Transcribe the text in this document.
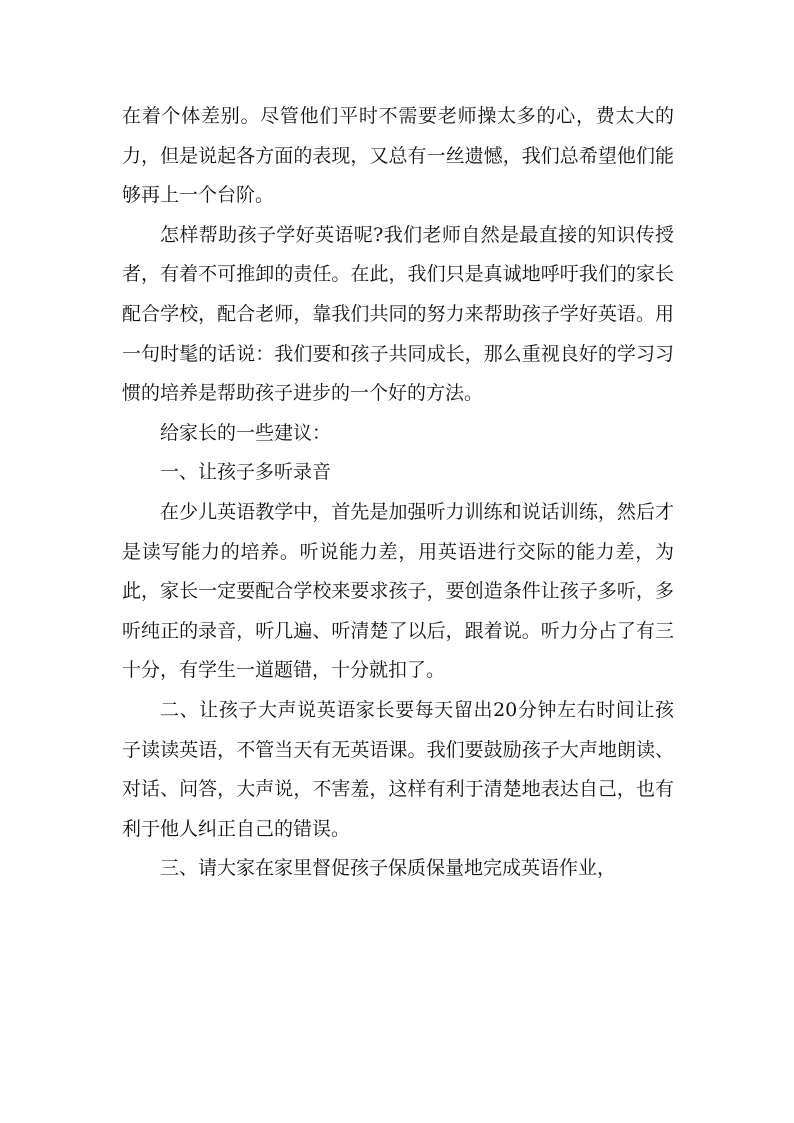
在着个体差别。尽管他们平时不需要老师操太多的心，费太大的力，但是说起各方面的表现，又总有一丝遗憾，我们总希望他们能够再上一个台阶。

怎样帮助孩子学好英语呢?我们老师自然是最直接的知识传授者，有着不可推卸的责任。在此，我们只是真诚地呼吁我们的家长配合学校，配合老师，靠我们共同的努力来帮助孩子学好英语。用一句时髦的话说：我们要和孩子共同成长，那么重视良好的学习习惯的培养是帮助孩子进步的一个好的方法。

给家长的一些建议：

一、让孩子多听录音

在少儿英语教学中，首先是加强听力训练和说话训练，然后才是读写能力的培养。听说能力差，用英语进行交际的能力差，为此，家长一定要配合学校来要求孩子，要创造条件让孩子多听，多听纯正的录音，听几遍、听清楚了以后，跟着说。听力分占了有三十分，有学生一道题错，十分就扣了。

二、让孩子大声说英语家长要每天留出20分钟左右时间让孩子读读英语，不管当天有无英语课。我们要鼓励孩子大声地朗读、对话、问答，大声说，不害羞，这样有利于清楚地表达自己，也有利于他人纠正自己的错误。

三、请大家在家里督促孩子保质保量地完成英语作业，
